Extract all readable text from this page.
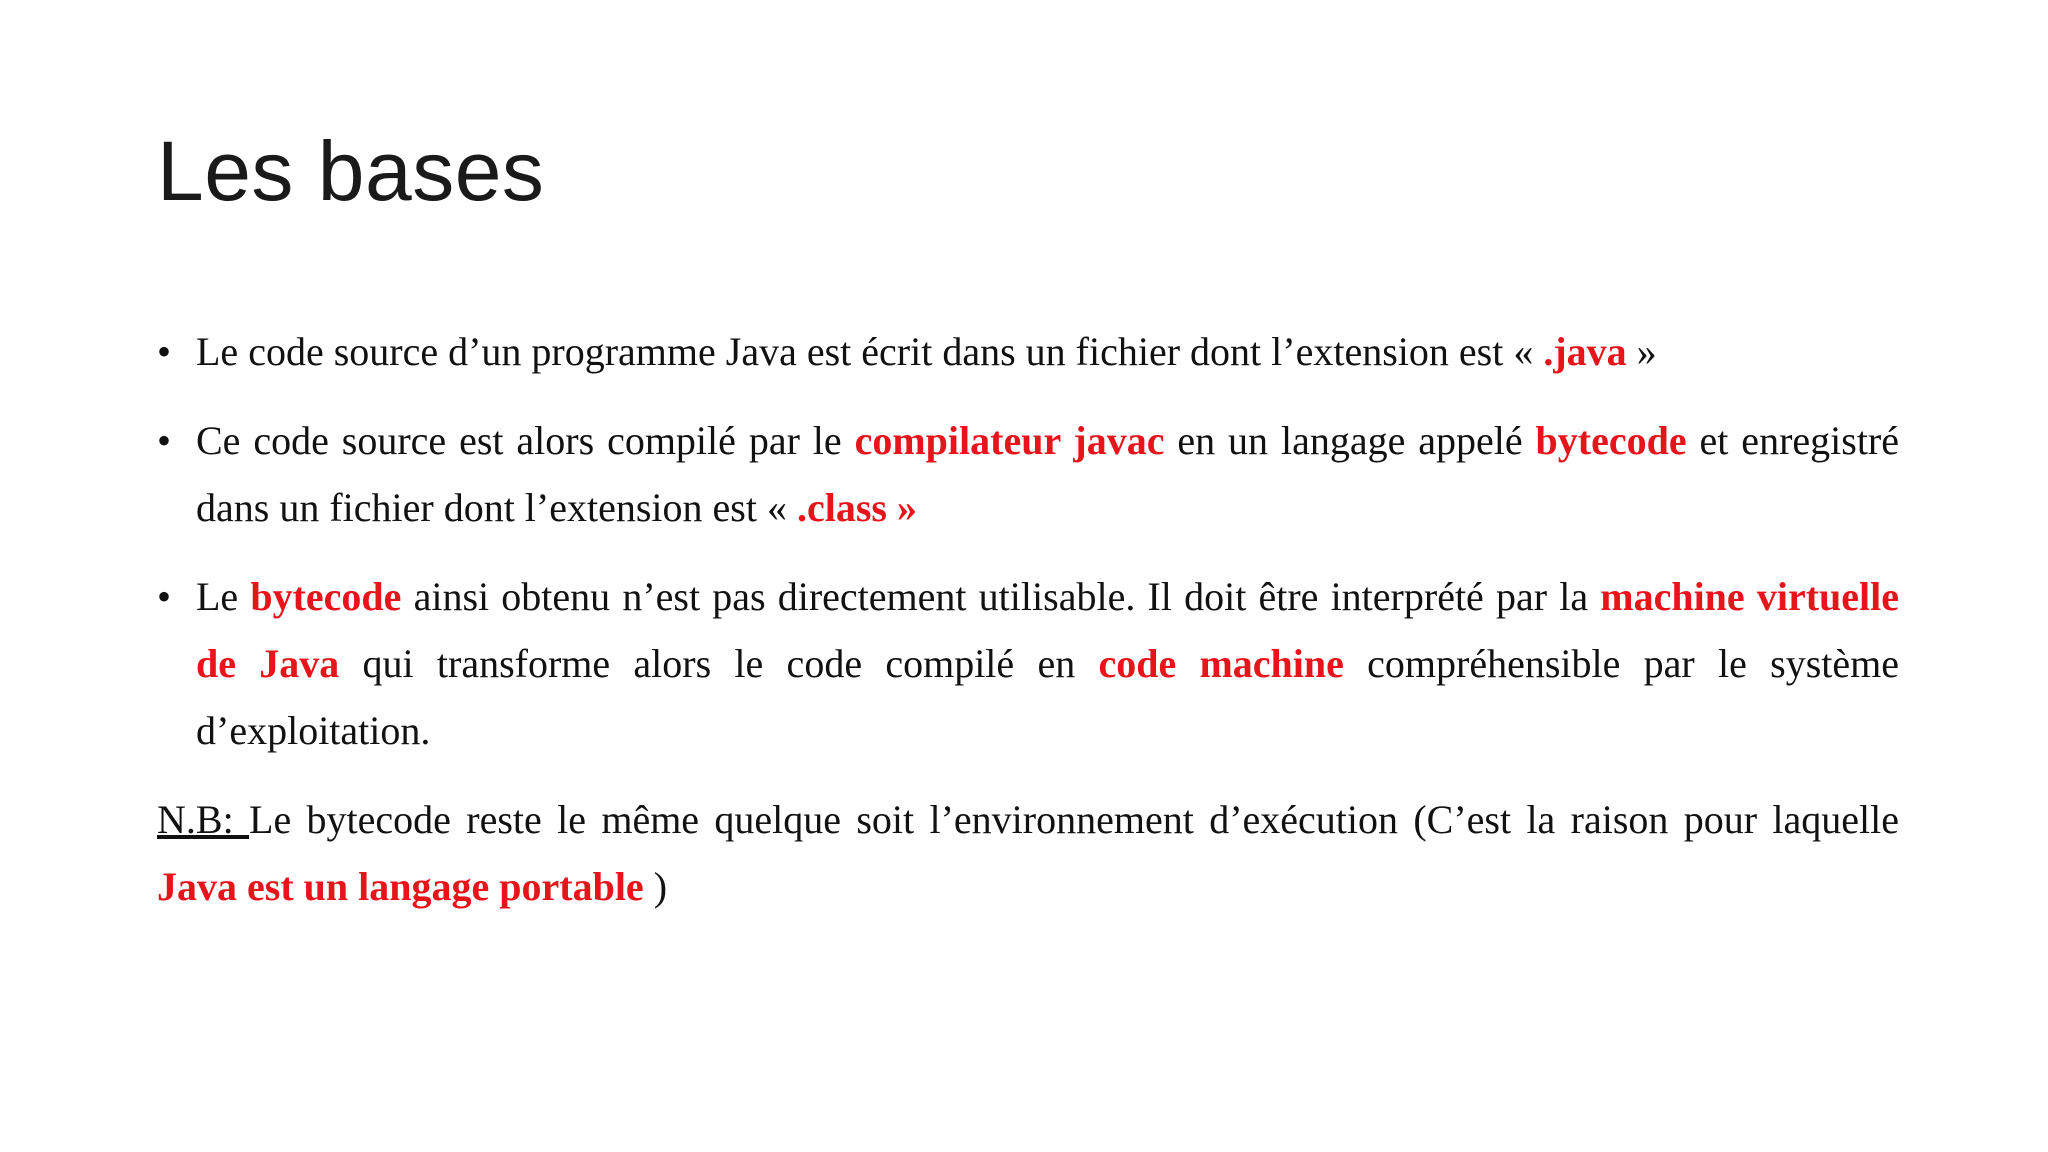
Les bases
• Le code source d’un programme Java est écrit dans un fichier dont l’extension est « .java »
• Ce code source est alors compilé par le compilateur javac en un langage appelé bytecode et enregistré dans un fichier dont l’extension est « .class »
• Le bytecode ainsi obtenu n’est pas directement utilisable. Il doit être interprété par la machine virtuelle de Java qui transforme alors le code compilé en code machine compréhensible par le système d’exploitation.

N.B: Le bytecode reste le même quelque soit l’environnement d’exécution (C’est la raison pour laquelle Java est un langage portable )
